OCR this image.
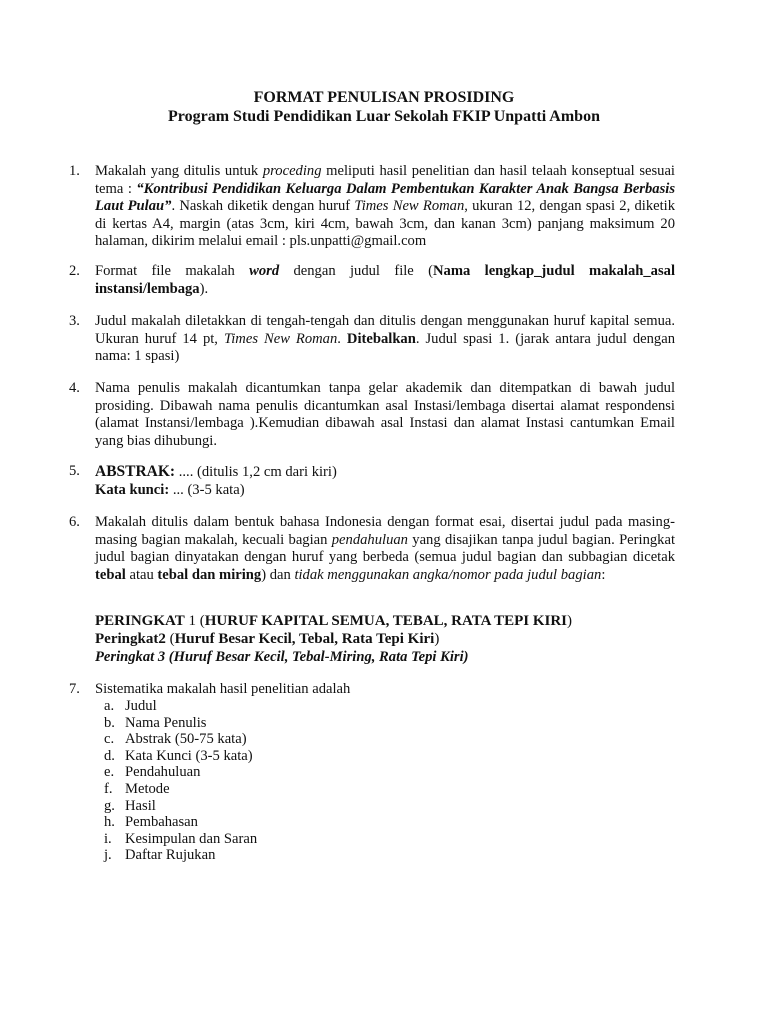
FORMAT PENULISAN PROSIDING
Program Studi Pendidikan Luar Sekolah FKIP Unpatti Ambon
1. Makalah yang ditulis untuk proceding meliputi hasil penelitian dan hasil telaah konseptual sesuai tema : “Kontribusi Pendidikan Keluarga Dalam Pembentukan Karakter Anak Bangsa Berbasis Laut Pulau”. Naskah diketik dengan huruf Times New Roman, ukuran 12, dengan spasi 2, diketik di kertas A4, margin (atas 3cm, kiri 4cm, bawah 3cm, dan kanan 3cm) panjang maksimum 20 halaman, dikirim melalui email : pls.unpatti@gmail.com
2. Format file makalah word dengan judul file (Nama lengkap_judul makalah_asal instansi/lembaga).
3. Judul makalah diletakkan di tengah-tengah dan ditulis dengan menggunakan huruf kapital semua. Ukuran huruf 14 pt, Times New Roman. Ditebalkan. Judul spasi 1. (jarak antara judul dengan nama: 1 spasi)
4. Nama penulis makalah dicantumkan tanpa gelar akademik dan ditempatkan di bawah judul prosiding. Dibawah nama penulis dicantumkan asal Instasi/lembaga disertai alamat respondensi (alamat Instansi/lembaga ).Kemudian dibawah asal Instasi dan alamat Instasi cantumkan Email yang bias dihubungi.
5. ABSTRAK: .... (ditulis 1,2 cm dari kiri)
Kata kunci: ... (3-5 kata)
6. Makalah ditulis dalam bentuk bahasa Indonesia dengan format esai, disertai judul pada masing-masing bagian makalah, kecuali bagian pendahuluan yang disajikan tanpa judul bagian. Peringkat judul bagian dinyatakan dengan huruf yang berbeda (semua judul bagian dan subbagian dicetak tebal atau tebal dan miring) dan tidak menggunakan angka/nomor pada judul bagian:
PERINGKAT 1 (HURUF KAPITAL SEMUA, TEBAL, RATA TEPI KIRI)
Peringkat2 (Huruf Besar Kecil, Tebal, Rata Tepi Kiri)
Peringkat 3 (Huruf Besar Kecil, Tebal-Miring, Rata Tepi Kiri)
7. Sistematika makalah hasil penelitian adalah
a. Judul
b. Nama Penulis
c. Abstrak (50-75 kata)
d. Kata Kunci (3-5 kata)
e. Pendahuluan
f. Metode
g. Hasil
h. Pembahasan
i. Kesimpulan dan Saran
j. Daftar Rujukan
